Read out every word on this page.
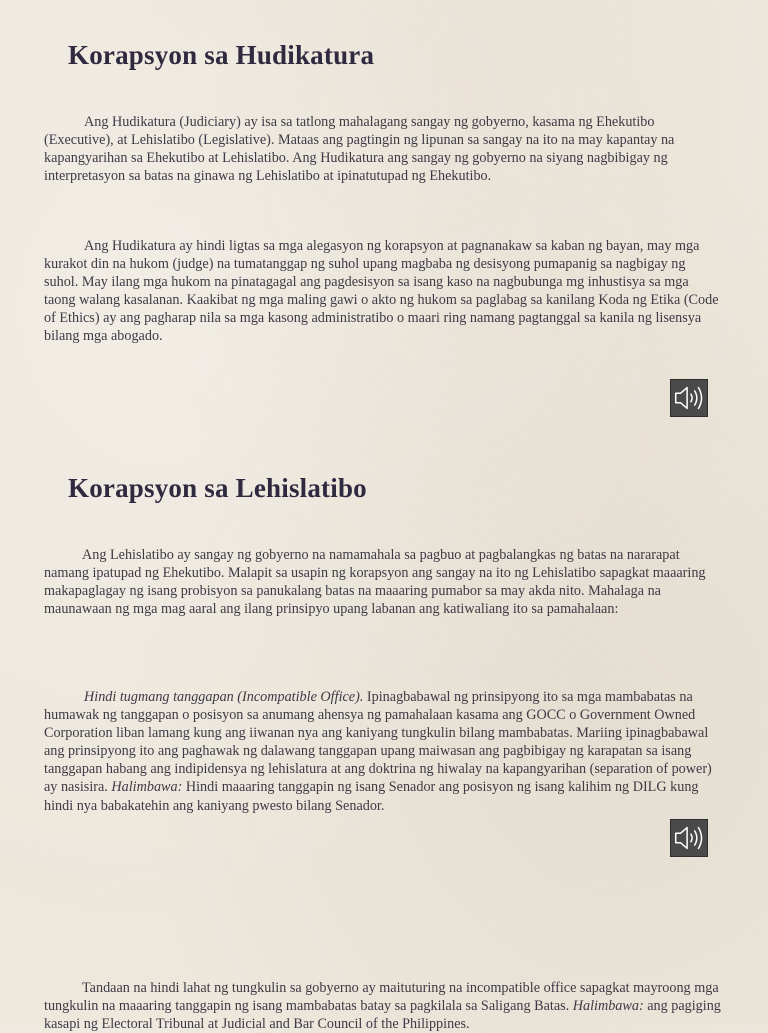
Korapsyon sa Hudikatura

Ang Hudikatura (Judiciary) ay isa sa tatlong mahalagang sangay ng gobyerno, kasama ng Ehekutibo (Executive), at Lehislatibo (Legislative). Mataas ang pagtingin ng lipunan sa sangay na ito na may kapantay na kapangyarihan sa Ehekutibo at Lehislatibo. Ang Hudikatura ang sangay ng gobyerno na siyang nagbibigay ng interpretasyon sa batas na ginawa ng Lehislatibo at ipinatutupad ng Ehekutibo.

Ang Hudikatura ay hindi ligtas sa mga alegasyon ng korapsyon at pagnanakaw sa kaban ng bayan, may mga kurakot din na hukom (judge) na tumatanggap ng suhol upang magbaba ng desisyong pumapanig sa nagbigay ng suhol. May ilang mga hukom na pinatagagal ang pagdesisyon sa isang kaso na nagbubunga mg inhustisya sa mga taong walang kasalanan. Kaakibat ng mga maling gawi o akto ng hukom sa paglabag sa kanilang Koda ng Etika (Code of Ethics) ay ang pagharap nila sa mga kasong administratibo o maari ring namang pagtanggal sa kanila ng lisensya bilang mga abogado.

Korapsyon sa Lehislatibo

Ang Lehislatibo ay sangay ng gobyerno na namamahala sa pagbuo at pagbalangkas ng batas na nararapat namang ipatupad ng Ehekutibo. Malapit sa usapin ng korapsyon ang sangay na ito ng Lehislatibo sapagkat maaaring makapaglagay ng isang probisyon sa panukalang batas na maaaring pumabor sa may akda nito. Mahalaga na maunawaan ng mga mag aaral ang ilang prinsipyo upang labanan ang katiwaliang ito sa pamahalaan:

Hindi tugmang tanggapan (Incompatible Office). Ipinagbabawal ng prinsipyong ito sa mga mambabatas na humawak ng tanggapan o posisyon sa anumang ahensya ng pamahalaan kasama ang GOCC o Government Owned Corporation liban lamang kung ang iiwanan nya ang kaniyang tungkulin bilang mambabatas. Mariing ipinagbabawal ang prinsipyong ito ang paghawak ng dalawang tanggapan upang maiwasan ang pagbibigay ng karapatan sa isang tanggapan habang ang indipidensya ng lehislatura at ang doktrina ng hiwalay na kapangyarihan (separation of power) ay nasisira. Halimbawa: Hindi maaaring tanggapin ng isang Senador ang posisyon ng isang kalihim ng DILG kung hindi nya babakatehin ang kaniyang pwesto bilang Senador.

Tandaan na hindi lahat ng tungkulin sa gobyerno ay maituturing na incompatible office sapagkat mayroong mga tungkulin na maaaring tanggapin ng isang mambabatas batay sa pagkilala sa Saligang Batas. Halimbawa: ang pagiging kasapi ng Electoral Tribunal at Judicial and Bar Council of the Philippines.
